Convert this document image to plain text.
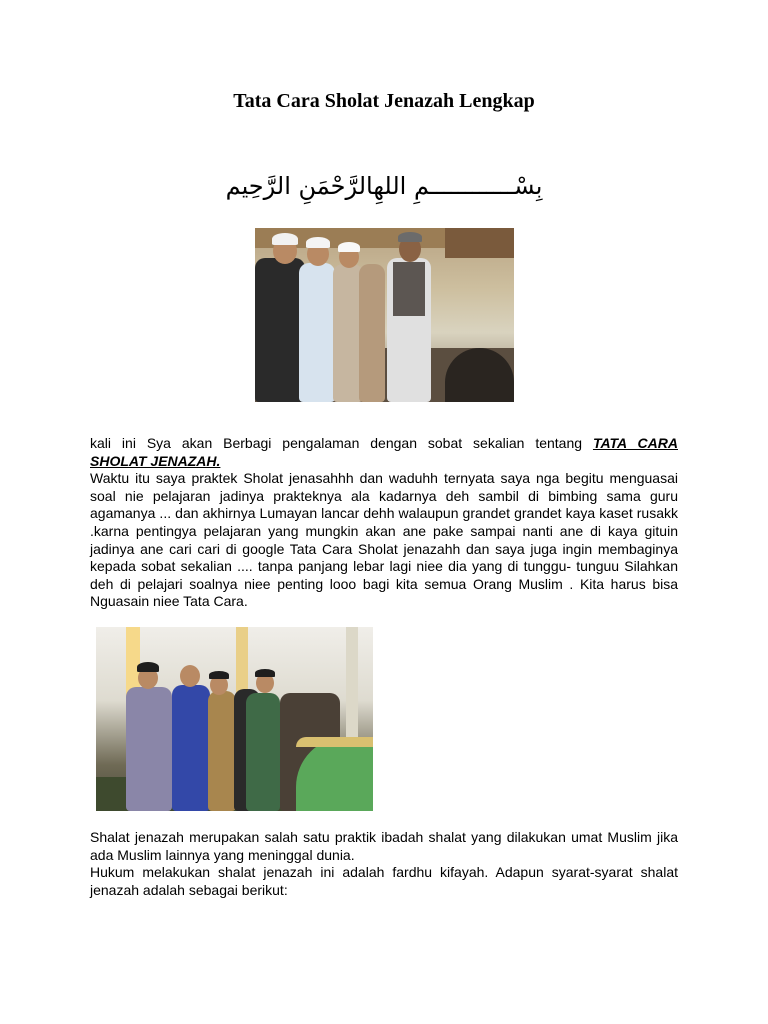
Tata Cara Sholat Jenazah Lengkap
بِسْــــــــــــمِ اللهِالرَّحْمَنِ الرَّحِيم
kali ini Sya akan Berbagi pengalaman dengan sobat sekalian tentang TATA CARA
SHOLAT JENAZAH.
Waktu itu saya praktek Sholat jenasahhh dan waduhh ternyata saya nga begitu menguasai soal nie pelajaran jadinya prakteknya ala kadarnya deh sambil di bimbing sama guru agamanya ... dan akhirnya Lumayan lancar dehh walaupun grandet grandet kaya kaset rusakk .karna pentingya pelajaran yang mungkin akan ane pake sampai nanti ane di kaya gituin jadinya ane cari cari di google Tata Cara Sholat jenazahh dan saya juga ingin membaginya kepada sobat sekalian .... tanpa panjang lebar lagi niee dia yang di tunggu- tunguu Silahkan deh di pelajari soalnya niee penting looo bagi kita semua Orang Muslim . Kita harus bisa Nguasain niee Tata Cara.
Shalat jenazah merupakan salah satu praktik ibadah shalat yang dilakukan umat Muslim jika ada Muslim lainnya yang meninggal dunia.
Hukum melakukan shalat jenazah ini adalah fardhu kifayah. Adapun syarat-syarat shalat jenazah adalah sebagai berikut:
